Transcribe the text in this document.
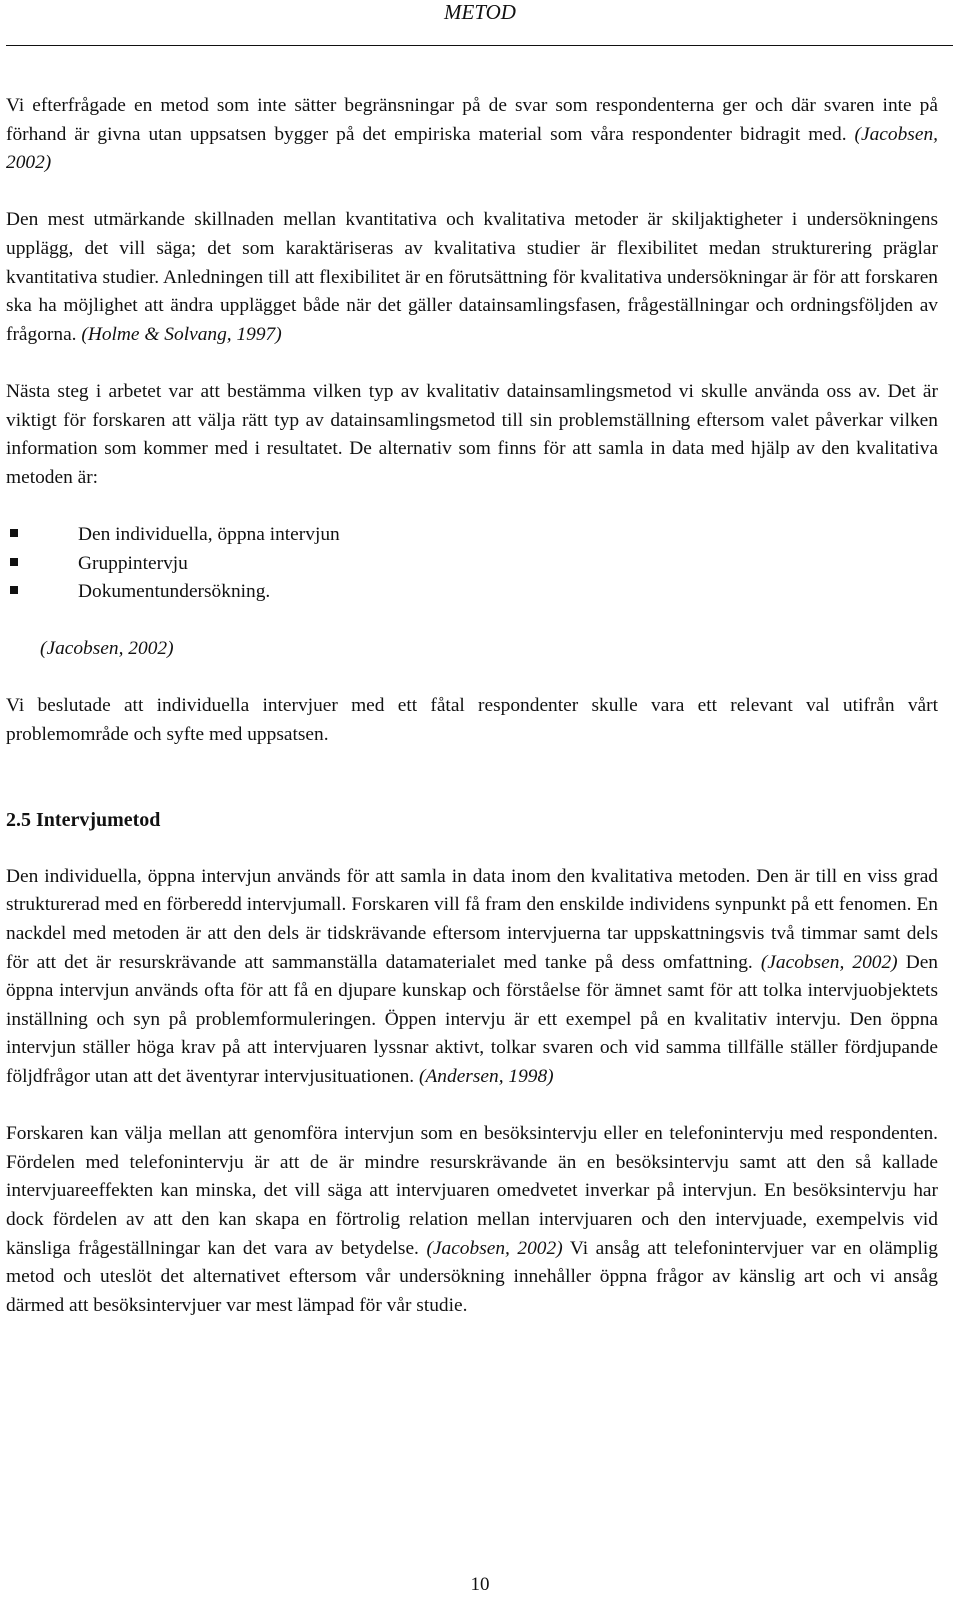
METOD

Vi efterfrågade en metod som inte sätter begränsningar på de svar som respondenterna ger och där svaren inte på förhand är givna utan uppsatsen bygger på det empiriska material som våra respondenter bidragit med. (Jacobsen, 2002)

Den mest utmärkande skillnaden mellan kvantitativa och kvalitativa metoder är skiljaktigheter i undersökningens upplägg, det vill säga; det som karaktäriseras av kvalitativa studier är flexibilitet medan strukturering präglar kvantitativa studier. Anledningen till att flexibilitet är en förutsättning för kvalitativa undersökningar är för att forskaren ska ha möjlighet att ändra upplägget både när det gäller datainsamlingsfasen, frågeställningar och ordningsföljden av frågorna. (Holme & Solvang, 1997)

Nästa steg i arbetet var att bestämma vilken typ av kvalitativ datainsamlingsmetod vi skulle använda oss av. Det är viktigt för forskaren att välja rätt typ av datainsamlingsmetod till sin problemställning eftersom valet påverkar vilken information som kommer med i resultatet. De alternativ som finns för att samla in data med hjälp av den kvalitativa metoden är:

Den individuella, öppna intervjun
Gruppintervju
Dokumentundersökning.

(Jacobsen, 2002)

Vi beslutade att individuella intervjuer med ett fåtal respondenter skulle vara ett relevant val utifrån vårt problemområde och syfte med uppsatsen.

2.5 Intervjumetod

Den individuella, öppna intervjun används för att samla in data inom den kvalitativa metoden. Den är till en viss grad strukturerad med en förberedd intervjumall. Forskaren vill få fram den enskilde individens synpunkt på ett fenomen. En nackdel med metoden är att den dels är tidskrävande eftersom intervjuerna tar uppskattningsvis två timmar samt dels för att det är resurskrävande att sammanställa datamaterialet med tanke på dess omfattning. (Jacobsen, 2002) Den öppna intervjun används ofta för att få en djupare kunskap och förståelse för ämnet samt för att tolka intervjuobjektets inställning och syn på problemformuleringen. Öppen intervju är ett exempel på en kvalitativ intervju. Den öppna intervjun ställer höga krav på att intervjuaren lyssnar aktivt, tolkar svaren och vid samma tillfälle ställer fördjupande följdfrågor utan att det äventyrar intervjusituationen. (Andersen, 1998)

Forskaren kan välja mellan att genomföra intervjun som en besöksintervju eller en telefonintervju med respondenten. Fördelen med telefonintervju är att de är mindre resurskrävande än en besöksintervju samt att den så kallade intervjuareeffekten kan minska, det vill säga att intervjuaren omedvetet inverkar på intervjun. En besöksintervju har dock fördelen av att den kan skapa en förtrolig relation mellan intervjuaren och den intervjuade, exempelvis vid känsliga frågeställningar kan det vara av betydelse. (Jacobsen, 2002) Vi ansåg att telefonintervjuer var en olämplig metod och uteslöt det alternativet eftersom vår undersökning innehåller öppna frågor av känslig art och vi ansåg därmed att besöksintervjuer var mest lämpad för vår studie.

10
